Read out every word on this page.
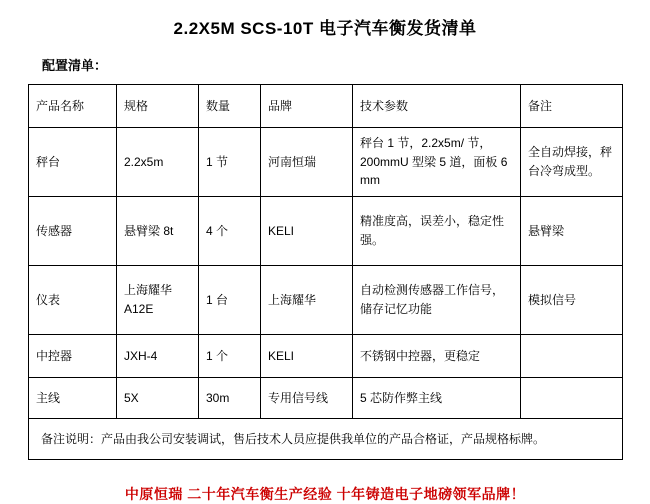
2.2X5M SCS-10T 电子汽车衡发货清单
配置清单：
产品名称	规格	数量	品牌	技术参数	备注
秤台	2.2x5m	1 节	河南恒瑞	秤台 1 节，2.2x5m/ 节，
200mmU 型梁 5 道，面板 6mm	全自动焊接，秤
台冷弯成型。

传感器	悬臂梁 8t	4 个	KELI	精准度高，误差小，稳定性
强。	悬臂梁
仪表	上海耀华
A12E	1 台	上海耀华	自动检测传感器工作信号，
储存记忆功能	模拟信号
中控器	JXH-4	1 个	KELI	不锈钢中控器，更稳定	
主线	5X	30m	专用信号线	5 芯防作弊主线	
备注说明：产品由我公司安装调试，售后技术人员应提供我单位的产品合格证，产品规格标牌。					
中原恒瑞 二十年汽车衡生产经验 十年铸造电子地磅领军品牌！
